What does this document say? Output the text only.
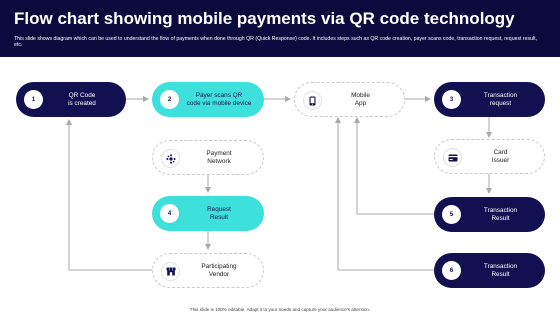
Flow chart showing mobile payments via QR code technology

This slide shows diagram which can be used to understand the flow of payments when done through QR (Quick Response) code. It includes steps such as QR code creation, payer scans code, transaction request, request result, etc.

1
QR Code
is created	2
Payer scans QR
code via mobile device
Mobile
App	3
Transaction
request
Payment
Network
Card
Issuer
4
Request
Result	5
Transaction
Result
Participating
Vendor	6
Transaction
Result
This slide is 100% editable. Adapt it to your needs and capture your audience's attention.
